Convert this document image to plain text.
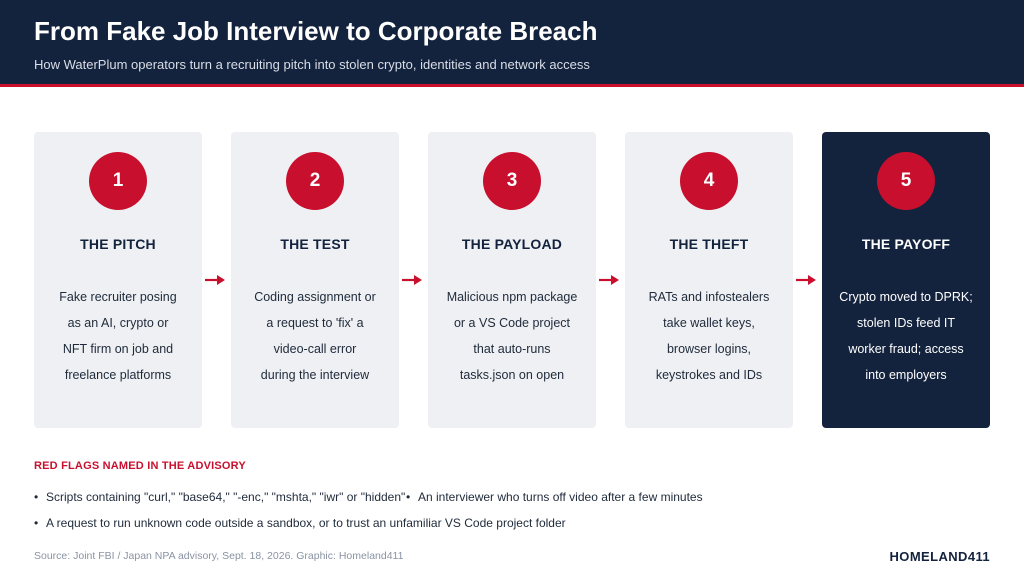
From Fake Job Interview to Corporate Breach
How WaterPlum operators turn a recruiting pitch into stolen crypto, identities and network access
1
THE PITCH
Fake recruiter posing
as an AI, crypto or
NFT firm on job and
freelance platforms
2
THE TEST
Coding assignment or
a request to 'fix' a
video-call error
during the interview
3
THE PAYLOAD
Malicious npm package
or a VS Code project
that auto-runs
tasks.json on open
4
THE THEFT
RATs and infostealers
take wallet keys,
browser logins,
keystrokes and IDs
5
THE PAYOFF
Crypto moved to DPRK;
stolen IDs feed IT
worker fraud; access
into employers
RED FLAGS NAMED IN THE ADVISORY
• Scripts containing "curl," "base64," "-enc," "mshta," "iwr" or "hidden" • An interviewer who turns off video after a few minutes
• A request to run unknown code outside a sandbox, or to trust an unfamiliar VS Code project folder
Source: Joint FBI / Japan NPA advisory, Sept. 18, 2026. Graphic: Homeland411	HOMELAND411
